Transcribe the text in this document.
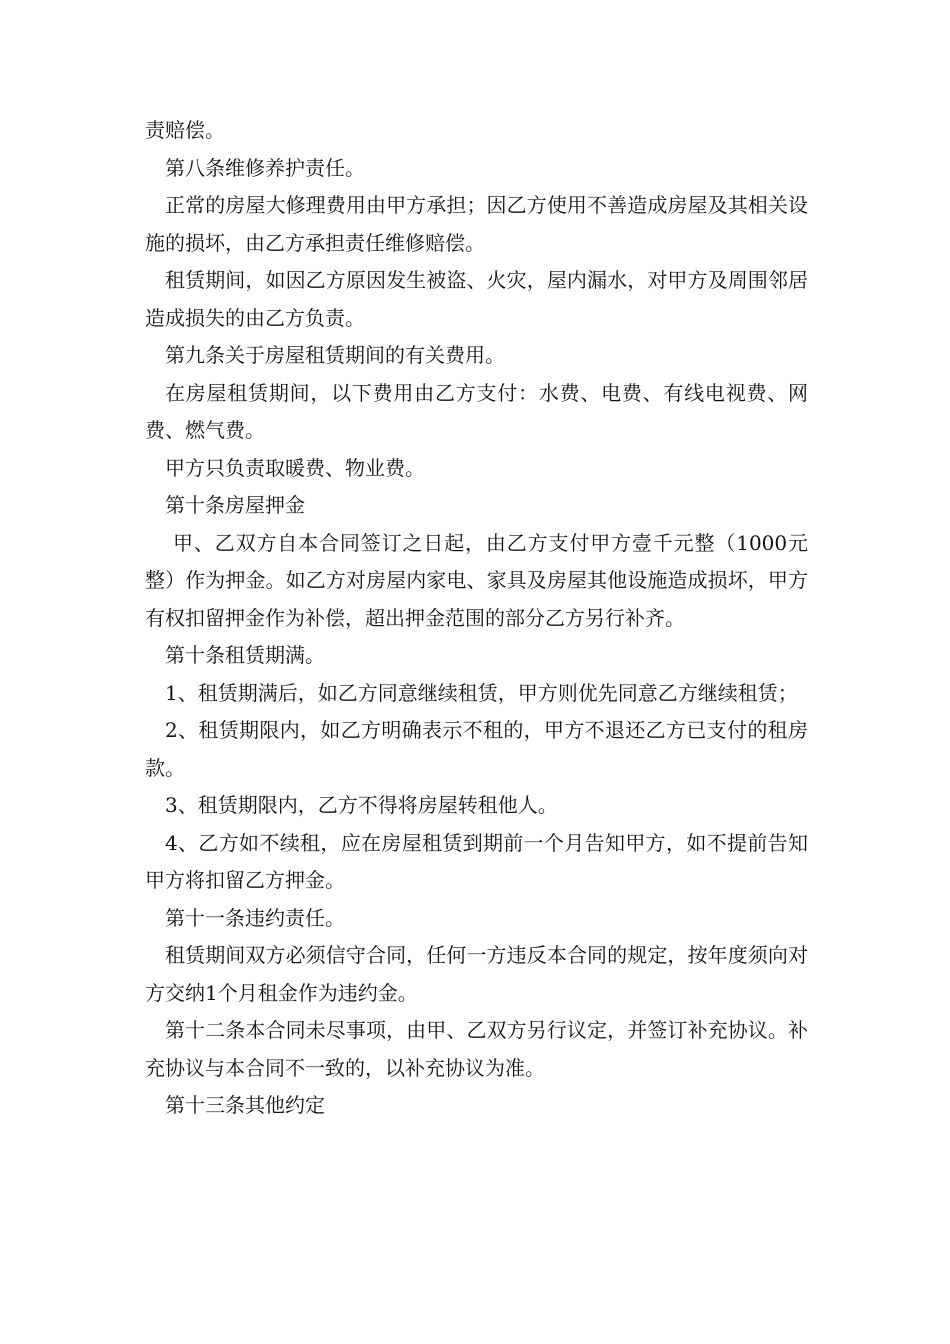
责赔偿。

第八条维修养护责任。

正常的房屋大修理费用由甲方承担；因乙方使用不善造成房屋及其相关设施的损坏，由乙方承担责任维修赔偿。

租赁期间，如因乙方原因发生被盗、火灾，屋内漏水，对甲方及周围邻居造成损失的由乙方负责。

第九条关于房屋租赁期间的有关费用。

在房屋租赁期间，以下费用由乙方支付：水费、电费、有线电视费、网费、燃气费。

甲方只负责取暖费、物业费。

第十条房屋押金

甲、乙双方自本合同签订之日起，由乙方支付甲方壹千元整（1000元整）作为押金。如乙方对房屋内家电、家具及房屋其他设施造成损坏，甲方有权扣留押金作为补偿，超出押金范围的部分乙方另行补齐。

第十条租赁期满。

1、租赁期满后，如乙方同意继续租赁，甲方则优先同意乙方继续租赁；

2、租赁期限内，如乙方明确表示不租的，甲方不退还乙方已支付的租房款。

3、租赁期限内，乙方不得将房屋转租他人。

4、乙方如不续租，应在房屋租赁到期前一个月告知甲方，如不提前告知甲方将扣留乙方押金。

第十一条违约责任。

租赁期间双方必须信守合同，任何一方违反本合同的规定，按年度须向对方交纳1个月租金作为违约金。

第十二条本合同未尽事项，由甲、乙双方另行议定，并签订补充协议。补充协议与本合同不一致的，以补充协议为准。

第十三条其他约定
